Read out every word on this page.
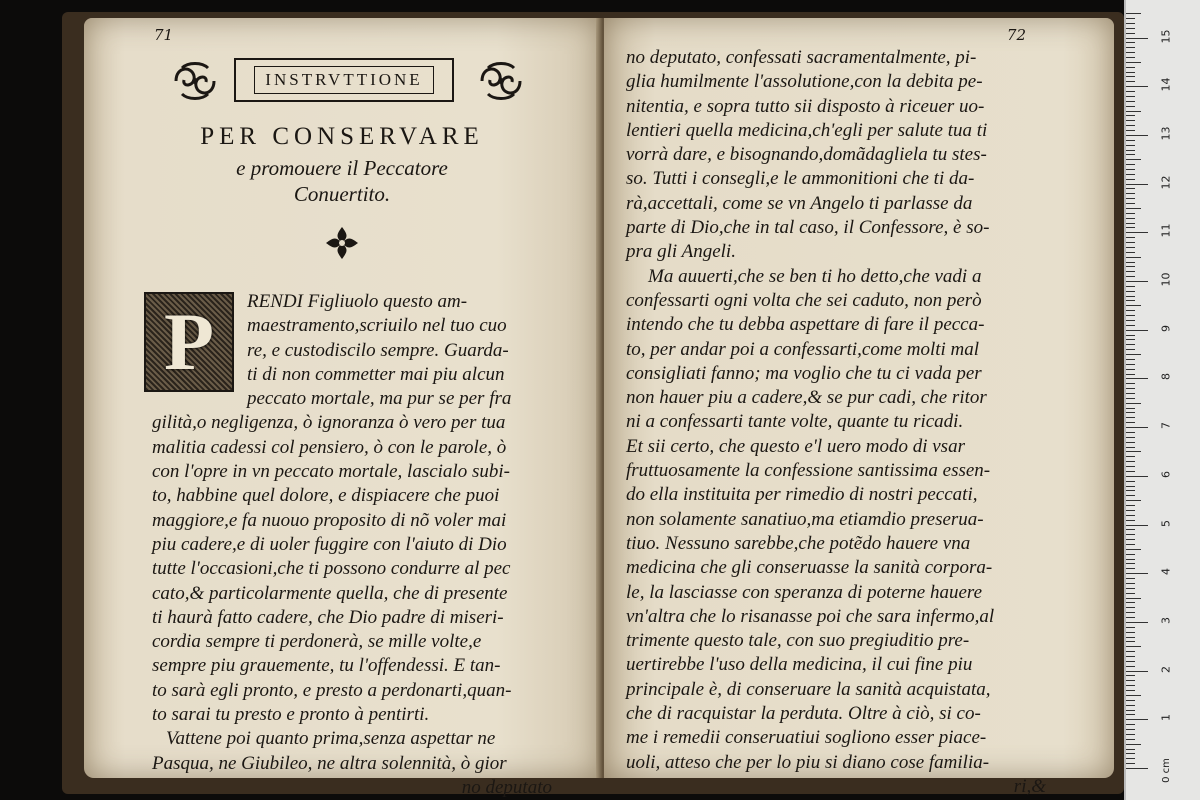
71
INSTRVTTIONE
PER CONSERVARE
e promouere il Peccatore
Conuertito.
P	RENDI Figliuolo questo am-
maestramento,scriuilo nel tuo cuo
re, e custodiscilo sempre. Guarda-
ti di non commetter mai piu alcun
peccato mortale, ma pur se per fra
gilità,o negligenza, ò ignoranza ò vero per tua
malitia cadessi col pensiero, ò con le parole, ò
con l'opre in vn peccato mortale, lascialo subi-
to, habbine quel dolore, e dispiacere che puoi
maggiore,e fa nuouo proposito di nõ voler mai
piu cadere,e di uoler fuggire con l'aiuto di Dio
tutte l'occasioni,che ti possono condurre al pec
cato,& particolarmente quella, che di presente
ti haurà fatto cadere, che Dio padre di miseri-
cordia sempre ti perdonerà, se mille volte,e
sempre piu grauemente, tu l'offendessi. E tan-
to sarà egli pronto, e presto a perdonarti,quan-
to sarai tu presto e pronto à pentirti.
Vattene poi quanto prima,senza aspettar ne
Pasqua, ne Giubileo, ne altra solennità, ò gior
no deputato
72
no deputato, confessati sacramentalmente, pi-
glia humilmente l'assolutione,con la debita pe-
nitentia, e sopra tutto sii disposto à riceuer uo-
lentieri quella medicina,ch'egli per salute tua ti
vorrà dare, e bisognando,domãdagliela tu stes-
so. Tutti i consegli,e le ammonitioni che ti da-
rà,accettali, come se vn Angelo ti parlasse da
parte di Dio,che in tal caso, il Confessore, è so-
pra gli Angeli.
Ma auuerti,che se ben ti ho detto,che vadi a
confessarti ogni volta che sei caduto, non però
intendo che tu debba aspettare di fare il pecca-
to, per andar poi a confessarti,come molti mal
consigliati fanno; ma voglio che tu ci vada per
non hauer piu a cadere,& se pur cadi, che ritor
ni a confessarti tante volte, quante tu ricadi.
Et sii certo, che questo e'l uero modo di vsar
fruttuosamente la confessione santissima essen-
do ella instituita per rimedio di nostri peccati,
non solamente sanatiuo,ma etiamdio preserua-
tiuo. Nessuno sarebbe,che potẽdo hauere vna
medicina che gli conseruasse la sanità corpora-
le, la lasciasse con speranza di poterne hauere
vn'altra che lo risanasse poi che sara infermo,al
trimente questo tale, con suo pregiuditio pre-
uertirebbe l'uso della medicina, il cui fine piu
principale è, di conseruare la sanità acquistata,
che di racquistar la perduta. Oltre à ciò, si co-
me i remedii conseruatiui sogliono esser piace-
uoli, atteso che per lo piu si diano cose familia-
ri,&
0 cm
1
2
3
4
5
6
7
8
9
10
11
12
13
14
15
